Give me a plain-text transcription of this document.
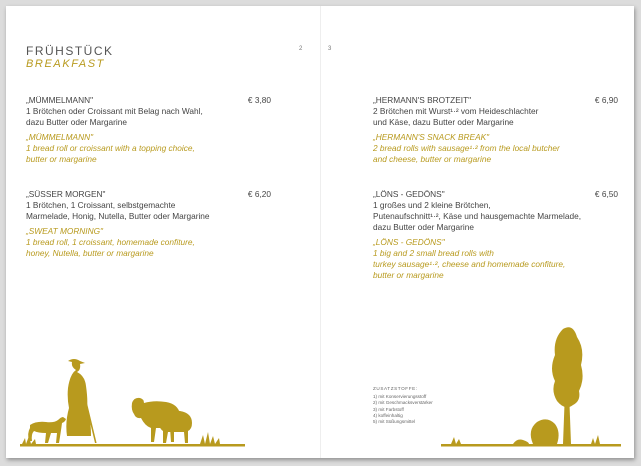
FRÜHSTÜCK
BREAKFAST
2	3
„MÜMMELMANN"	€ 3,80
1 Brötchen oder Croissant mit Belag nach Wahl,
dazu Butter oder Margarine
„MÜMMELMANN"
1 bread roll or croissant with a topping choice,
butter or margarine
„SÜSSER MORGEN"	€ 6,20
1 Brötchen, 1 Croissant, selbstgemachte
Marmelade, Honig, Nutella, Butter oder Margarine
„SWEAT MORNING"
1 bread roll, 1 croissant, homemade confiture,
honey, Nutella, butter or margarine
„HERMANN'S BROTZEIT"	€ 6,90
2 Brötchen mit Wurst¹·² vom Heideschlachter
und Käse, dazu Butter oder Margarine
„HERMANN'S SNACK BREAK"
2 bread rolls with sausage¹·² from the local butcher
and cheese, butter or margarine
„LÖNS - GEDÖNS"	€ 6,50
1 großes und 2 kleine Brötchen,
Putenaufschnitt¹·², Käse und hausgemachte Marmelade,
dazu Butter oder Margarine
„LÖNS - GEDÖNS"
1 big and 2 small bread rolls with
turkey sausage¹·², cheese and homemade confiture,
butter or margarine
ZUSATZSTOFFE:
1) mit Konservierungsstoff
2) mit Geschmacksverstärker
3) mit Farbstoff
4) koffeinhaltig
5) mit Süßungsmittel
